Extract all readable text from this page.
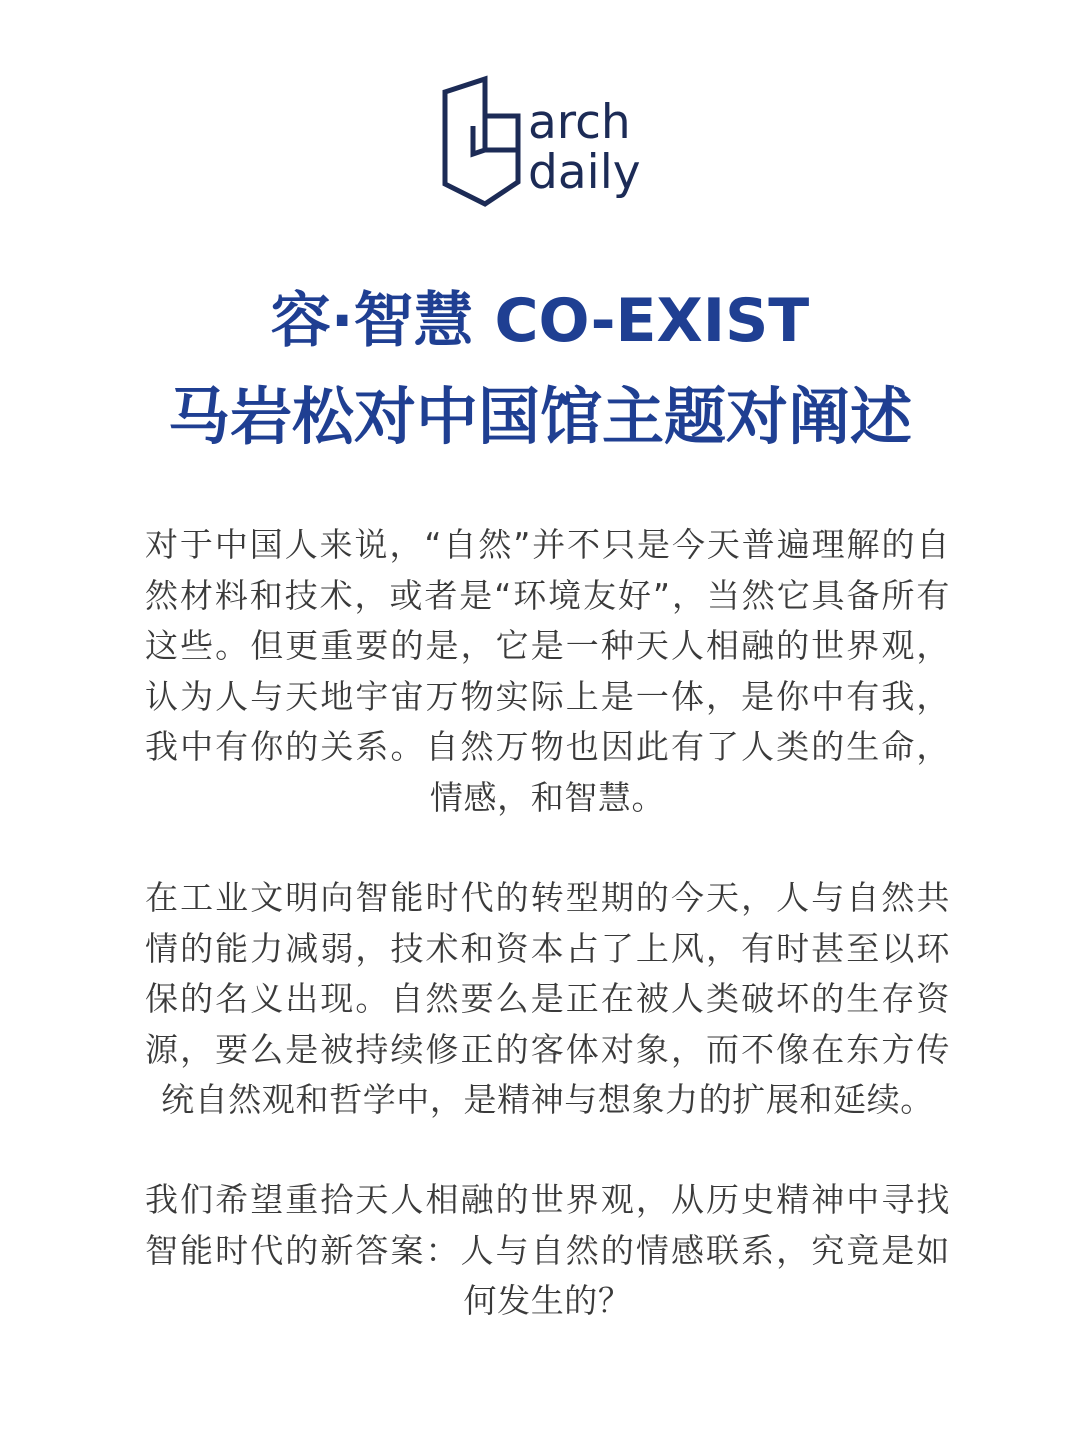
arch
daily
容·智慧 CO-EXIST
马岩松对中国馆主题对阐述

对于中国人来说，“自然”并不只是今天普遍理解的自然材料和技术，或者是“环境友好”，当然它具备所有这些。但更重要的是，它是一种天人相融的世界观，认为人与天地宇宙万物实际上是一体，是你中有我，我中有你的关系。自然万物也因此有了人类的生命，情感，和智慧。

在工业文明向智能时代的转型期的今天，人与自然共情的能力减弱，技术和资本占了上风，有时甚至以环保的名义出现。自然要么是正在被人类破坏的生存资源，要么是被持续修正的客体对象，而不像在东方传统自然观和哲学中，是精神与想象力的扩展和延续。

我们希望重拾天人相融的世界观，从历史精神中寻找智能时代的新答案：人与自然的情感联系，究竟是如何发生的？
